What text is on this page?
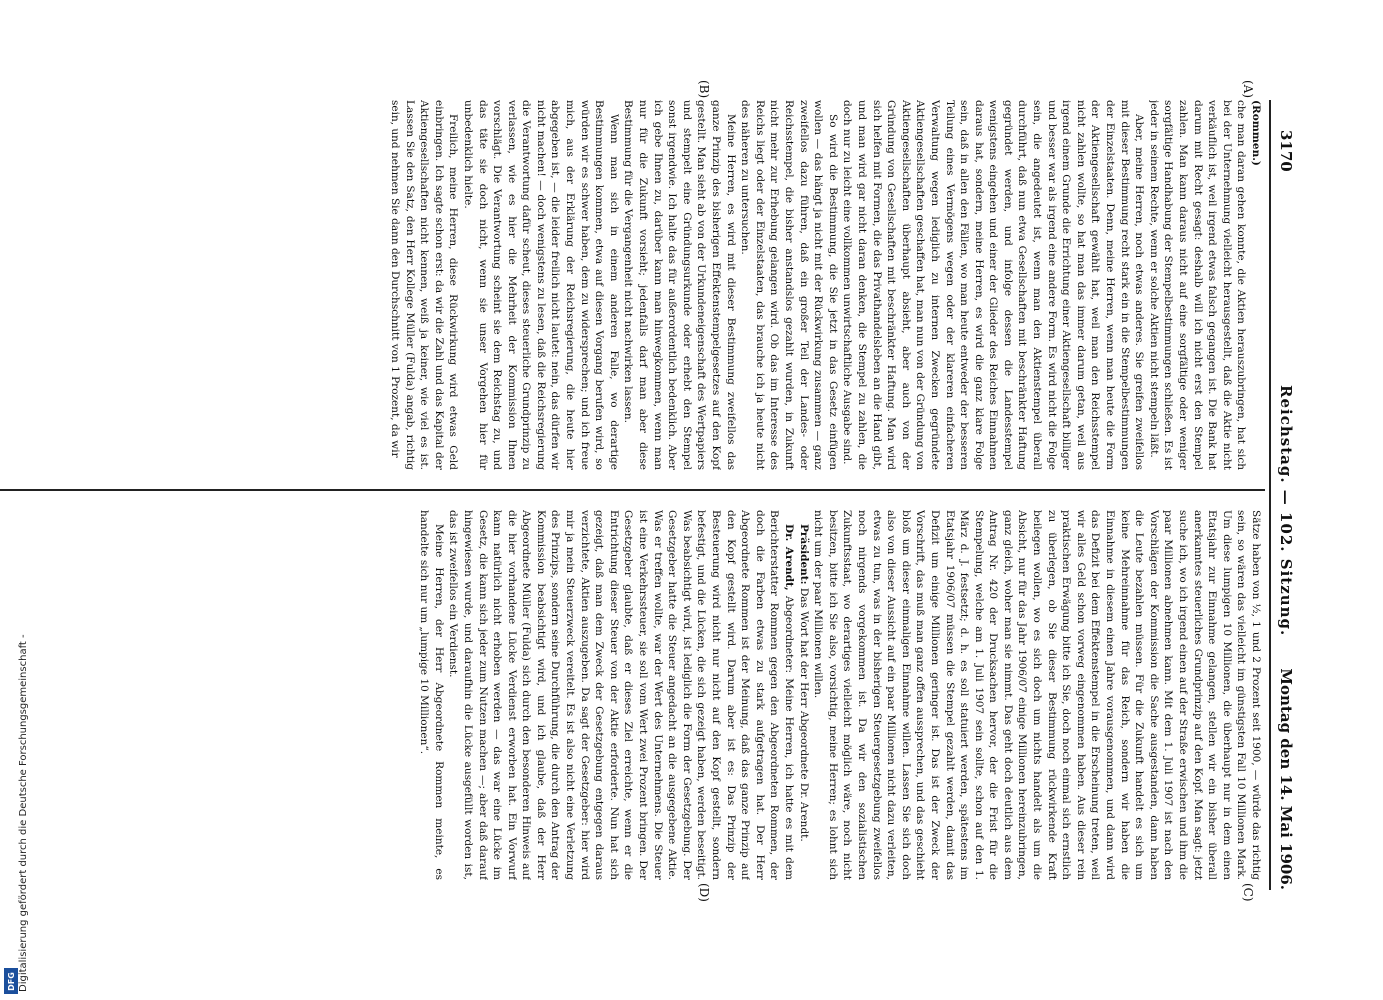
3170
Reichstag. — 102. Sitzung.
Montag den 14. Mai 1906.
(A)
(B)
(C)
(D)

(Rommen.)

che man daran gehen konnte, die Aktien herauszubringen, hat sich bei der Unternehmung vielleicht herausgestellt, daß die Aktie nicht verkäuflich ist, weil irgend etwas falsch gegangen ist. Die Bank hat darum mit Recht gesagt: deshalb will ich nicht erst den Stempel zahlen. Man kann daraus nicht auf eine sorgfältige oder weniger sorgfältige Handhabung der Stempelbestimmungen schließen. Es ist jeder in seinem Rechte, wenn er solche Aktien nicht stempeln läßt.

Aber, meine Herren, noch etwas anderes. Sie greifen zweifellos mit dieser Bestimmung recht stark ein in die Stempelbestimmungen der Einzelstaaten. Denn, meine Herren, wenn man heute die Form der Aktiengesellschaft gewählt hat, weil man den Reichsstempel nicht zahlen wollte, so hat man das immer darum getan, weil aus irgend einem Grunde die Errichtung einer Aktiengesellschaft billiger und besser war als irgend eine andere Form. Es wird nicht die Folge sein, die angedeutet ist, wenn man den Aktienstempel überall durchführt, daß nun etwa Gesellschaften mit beschränkter Haftung gegründet werden, und infolge dessen die Landesstempel wenigstens eingehen und einer der Glieder des Reiches Einnahmen daraus hat, sondern, meine Herren, es wird die ganz klare Folge sein, daß in allen den Fällen, wo man heute entweder der besseren Teilung eines Vermögens wegen oder der klareren einfacheren Verwaltung wegen lediglich zu internen Zwecken gegründete Aktiengesellschaften geschaffen hat, man nun von der Gründung von Aktiengesellschaften überhaupt absieht, aber auch von der Gründung von Gesellschaften mit beschränkter Haftung. Man wird sich helfen mit Formen, die das Privathandelsleben an die Hand gibt, und man wird gar nicht daran denken, die Stempel zu zahlen, die doch nur zu leicht eine vollkommen unwirtschaftliche Ausgabe sind.

So wird die Bestimmung, die Sie jetzt in das Gesetz einfügen wollen — das hängt ja nicht mit der Rückwirkung zusammen — ganz zweifellos dazu führen, daß ein großer Teil der Landes- oder Reichsstempel, die bisher anstandslos gezahlt wurden, in Zukunft nicht mehr zur Erhebung gelangen wird. Ob das im Interesse des Reichs liegt oder der Einzelstaaten, das brauche ich ja heute nicht des näheren zu untersuchen.

Meine Herren, es wird mit dieser Bestimmung zweifellos das ganze Prinzip des bisherigen Effektenstempelgesetzes auf den Kopf gestellt. Man sieht ab von der Urkundeneigenschaft des Wertpapiers und stempelt eine Gründungsurkunde oder erhebt den Stempel sonst irgendwie. Ich halte das für außerordentlich bedenklich. Aber ich gebe Ihnen zu, darüber kann man hinwegkommen, wenn man nur für die Zukunft vorsieht; jedenfalls darf man aber diese Bestimmung für die Vergangenheit nicht nachwirken lassen.

Wenn man sich in einem anderen Falle, wo derartige Bestimmungen kommen, etwa auf diesen Vorgang berufen wird, so würden wir es schwer haben, dem zu widersprechen; und ich freue mich, aus der Erklärung der Reichsregierung, die heute hier abgegeben ist, — die leider freilich nicht lautet: nein, das dürfen wir nicht machen! — doch wenigstens zu lesen, daß die Reichsregierung die Verantwortung dafür scheut, dieses steuerliche Grundprinzip zu verlassen, wie es hier die Mehrheit der Kommission Ihnen vorschlägt. Die Verantwortung scheint sie dem Reichstag zu, und das täte sie doch nicht, wenn sie unser Vorgehen hier für unbedenklich hielte.

Freilich, meine Herren, diese Rückwirkung wird etwas Geld einbringen. Ich sagte schon erst: da wir die Zahl und das Kapital der Aktiengesellschaften nicht kennen, weiß ja keiner, wie viel es ist. Lassen Sie den Satz, den Herr Kollege Müller (Fulda) angab, richtig sein, und nehmen Sie dann den Durchschnitt von 1 Prozent, da wir

Sätze haben von ½, 1 und 2 Prozent seit 1900, — würde das richtig sein, so wären das vielleicht im günstigsten Fall 10 Millionen Mark. Um diese lumpigen 10 Millionen, die überhaupt nur in dem einen Etatsjahr zur Einnahme gelangen, stellen wir ein bisher überall anerkanntes steuerliches Grundprinzip auf den Kopf. Man sagt: jetzt suche ich, wo ich irgend einen auf der Straße erwischen und ihm die paar Millionen abnehmen kann. Mit dem 1. Juli 1907 ist nach den Vorschlägen der Kommission die Sache ausgestanden, dann haben die Leute bezahlen müssen. Für die Zukunft handelt es sich um keine Mehreinnahme für das Reich, sondern wir haben die Einnahme in diesem einen Jahre vorausgenommen, und dann wird das Defizit bei dem Effektenstempel in die Erscheinung treten, weil wir alles Geld schon vorweg eingenommen haben. Aus dieser rein praktischen Erwägung bitte ich Sie, doch noch einmal sich ernstlich zu überlegen, ob Sie dieser Bestimmung rückwirkende Kraft beilegen wollen, wo es sich doch um nichts handelt als um die Absicht, nur für das Jahr 1906/07 einige Millionen hereinzubringen, ganz gleich, woher man sie nimmt. Das geht doch deutlich aus dem Antrag Nr. 420 der Drucksachen hervor, der die Frist für die Stempelung, welche am 1. Juli 1907 sein sollte, schon auf den 1. März d. J. festsetzt; d. h. es soll statuiert werden, spätestens im Etatsjahr 1906/07 müssen die Stempel gezahlt werden, damit das Defizit um einige Millionen geringer ist. Das ist der Zweck der Vorschrift, das muß man ganz offen aussprechen, und das geschieht bloß um dieser einmaligen Einnahme willen. Lassen Sie sich doch also von dieser Aussicht auf ein paar Millionen nicht dazu verleiten, etwas zu tun, was in der bisherigen Steuergesetzgebung zweifellos noch nirgends vorgekommen ist. Da wir den sozialistischen Zukunftsstaat, wo derartiges vielleicht möglich wäre, noch nicht besitzen, bitte ich Sie also, vorsichtig, meine Herren; es lohnt sich nicht um der paar Millionen willen.

Präsident: Das Wort hat der Herr Abgeordnete Dr. Arendt.

Dr. Arendt, Abgeordneter: Meine Herren, ich hatte es mit dem Berichterstatter Rommen gegen den Abgeordneten Rommen, der doch die Farben etwas zu stark aufgetragen hat. Der Herr Abgeordnete Rommen ist der Meinung, daß das ganze Prinzip auf den Kopf gestellt wird. Darum aber ist es: Das Prinzip der Besteuerung wird nicht nur nicht auf den Kopf gestellt, sondern befestigt, und die Lücken, die sich gezeigt haben, werden beseitigt. Was beabsichtigt wird, ist lediglich die Form der Gesetzgebung. Der Gesetzgeber hatte die Steuer angedacht an die ausgegebene Aktie. Was er treffen wollte, war der Wert des Unternehmens. Die Steuer ist eine Verkehrssteuer, sie soll vom Wert zwei Prozent bringen. Der Gesetzgeber glaubte, daß er dieses Ziel erreichte, wenn er die Entrichtung dieser Steuer von der Aktie erforderte. Nun hat sich gezeigt, daß man dem Zweck der Gesetzgebung entgegen daraus verzichtete, Aktien auszugeben. Da sagt der Gesetzgeber: hier wird mir ja mein Steuerzweck vereitelt. Es ist also nicht eine Verletzung des Prinzips, sondern seine Durchführung, die durch den Antrag der Kommission beabsichtigt wird, und ich glaube, daß der Herr Abgeordnete Müller (Fulda) sich durch den besonderen Hinweis auf die hier vorhandene Lücke Verdienst erworben hat. Ein Vorwurf kann natürlich nicht erhoben werden — das war eine Lücke im Gesetz, die kann sich jeder zum Nutzen machen —; aber daß darauf hingewiesen wurde, und daraufhin die Lücke ausgefüllt worden ist, das ist zweifellos ein Verdienst.

Meine Herren, der Herr Abgeordnete Rommen meinte, es handelte sich nur um „lumpige 10 Millionen“.

Digitalisierung gefördert durch die Deutsche Forschungsgemeinschaft -
DFG
